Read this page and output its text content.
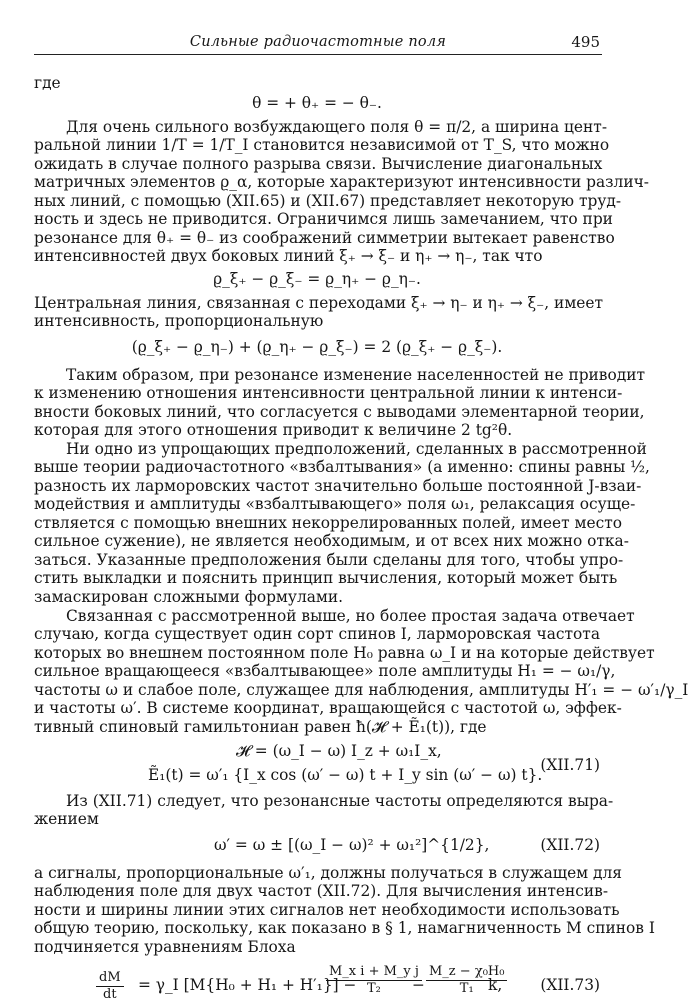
Сильные радиочастотные поля	495
где
θ = + θ₊ = − θ₋.
Для очень сильного возбуждающего поля θ = π/2, а ширина цент-
ральной линии 1/T = 1/T_I становится независимой от T_S, что можно
ожидать в случае полного разрыва связи. Вычисление диагональных
матричных элементов ϱ_α, которые характеризуют интенсивности различ-
ных линий, с помощью (XII.65) и (XII.67) представляет некоторую труд-
ность и здесь не приводится. Ограничимся лишь замечанием, что при
резонансе для θ₊ = θ₋ из соображений симметрии вытекает равенство
интенсивностей двух боковых линий ξ₊ → ξ₋ и η₊ → η₋, так что
ϱ_ξ₊ − ϱ_ξ₋ = ϱ_η₊ − ϱ_η₋.
Центральная линия, связанная с переходами ξ₊ → η₋ и η₊ → ξ₋, имеет
интенсивность, пропорциональную
(ϱ_ξ₊ − ϱ_η₋) + (ϱ_η₊ − ϱ_ξ₋) = 2 (ϱ_ξ₊ − ϱ_ξ₋).
Таким образом, при резонансе изменение населенностей не приводит
к изменению отношения интенсивности центральной линии к интенси-
вности боковых линий, что согласуется с выводами элементарной теории,
которая для этого отношения приводит к величине 2 tg²θ.
Ни одно из упрощающих предположений, сделанных в рассмотренной
выше теории радиочастотного «взбалтывания» (а именно: спины равны ½,
разность их ларморовских частот значительно больше постоянной J-взаи-
модействия и амплитуды «взбалтывающего» поля ω₁, релаксация осуще-
ствляется с помощью внешних некоррелированных полей, имеет место
сильное сужение), не является необходимым, и от всех них можно отка-
заться. Указанные предположения были сделаны для того, чтобы упро-
стить выкладки и пояснить принцип вычисления, который может быть
замаскирован сложными формулами.
Связанная с рассмотренной выше, но более простая задача отвечает
случаю, когда существует один сорт спинов I, ларморовская частота
которых во внешнем постоянном поле H₀ равна ω_I и на которые действует
сильное вращающееся «взбалтывающее» поле амплитуды H₁ = − ω₁/γ,
частоты ω и слабое поле, служащее для наблюдения, амплитуды H′₁ = − ω′₁/γ_I
и частоты ω′. В системе координат, вращающейся с частотой ω, эффек-
тивный спиновый гамильтониан равен ħ(𝓗 + Ẽ₁(t)), где
𝓗 = (ω_I − ω) I_z + ω₁I_x,
Ẽ₁(t) = ω′₁ {I_x cos (ω′ − ω) t + I_y sin (ω′ − ω) t}.
(XII.71)
Из (XII.71) следует, что резонансные частоты определяются выра-
жением
ω′ = ω ± [(ω_I − ω)² + ω₁²]^{1/2},	(XII.72)
а сигналы, пропорциональные ω′₁, должны получаться в служащем для
наблюдения поле для двух частот (XII.72). Для вычисления интенсив-
ности и ширины линии этих сигналов нет необходимости использовать
общую теорию, поскольку, как показано в § 1, намагниченность M спинов I
подчиняется уравнениям Блоха
$\frac{dM}{dt}$ = γ_I [M{H₀ + H₁ + H′₁}] −
$\frac{\text{M\_x i + M\_y j}}{\text{T₂}}$
− $\frac{\text{M\_z − χ₀H₀}}{\text{T₁}}$
k,	(XII.73)
